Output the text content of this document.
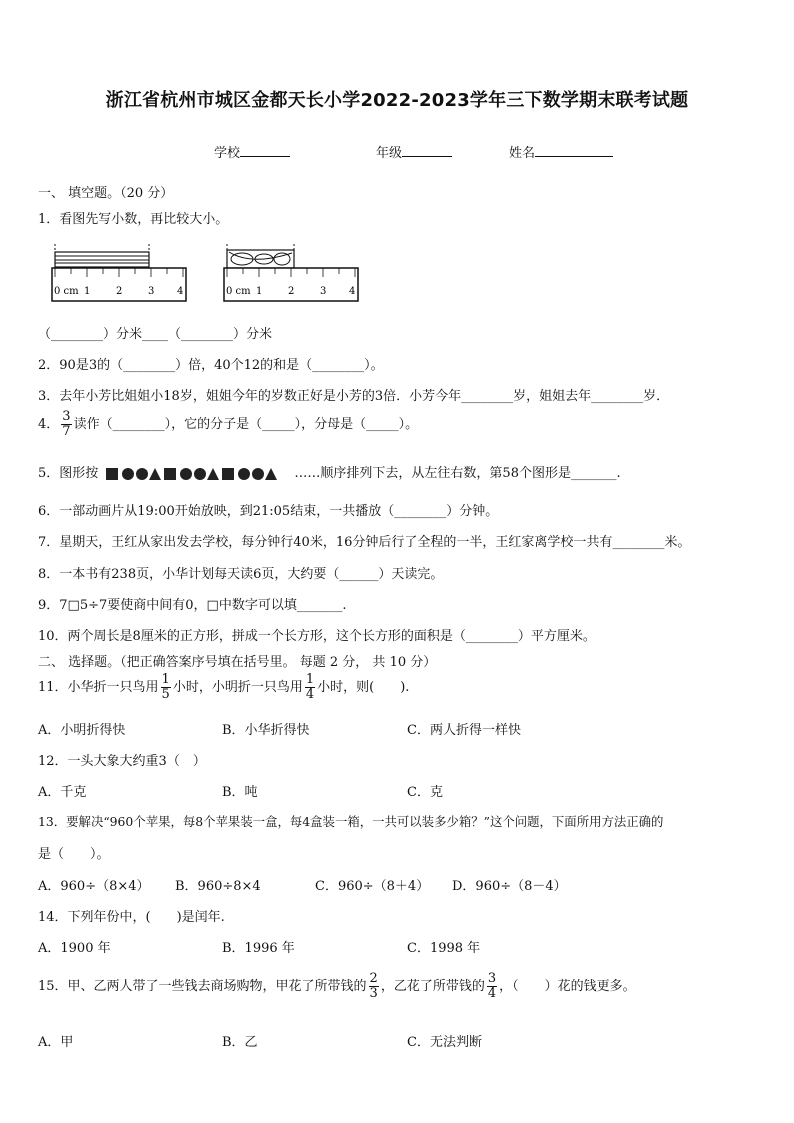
浙江省杭州市城区金都天长小学2022-2023学年三下数学期末联考试题
学校	年级	姓名
一、 填空题。（20 分）
1．看图先写小数，再比较大小。
0 cm 1	2	3 4	0 cm 1	2	3 4
（________）分米____（________）分米
2．90是3的（________）倍，40个12的和是（________）。
3．去年小芳比姐姐小18岁，姐姐今年的岁数正好是小芳的3倍．小芳今年________岁，姐姐去年________岁．
4． $\frac{3}{7}$ 读作（________），它的分子是（_____），分母是（_____）。
5．图形按	……顺序排列下去，从左往右数，第58个图形是_______.
6．一部动画片从19:00开始放映，到21:05结束，一共播放（________）分钟。
7．星期天，王红从家出发去学校，每分钟行40米，16分钟后行了全程的一半，王红家离学校一共有________米。
8．一本书有238页，小华计划每天读6页，大约要（______）天读完。
9．7□5÷7要使商中间有0，□中数字可以填_______.
10．两个周长是8厘米的正方形，拼成一个长方形，这个长方形的面积是（________）平方厘米。
二、 选择题。（把正确答案序号填在括号里。 每题 2 分， 共 10 分）
11．小华折一只鸟用 $\frac{1}{5}$ 小时，小明折一只鸟用 $\frac{1}{4}$ 小时，则(　　).
A．小明折得快	B．小华折得快	C．两人折得一样快
12．一头大象大约重3（　）
A．千克	B．吨	C．克
13．要解决“960个苹果，每8个苹果装一盒，每4盒装一箱，一共可以装多少箱？”这个问题，下面所用方法正确的
是（　　）。
A．960÷（8×4） B．960÷8×4	C．960÷（8＋4） D．960÷（8－4）
14．下列年份中，(　　)是闰年.
A．1900 年	B．1996 年	C．1998 年
15．甲、乙两人带了一些钱去商场购物，甲花了所带钱的 $\frac{2}{3}$ ，乙花了所带钱的 $\frac{3}{4}$ ，（　　）花的钱更多。
A．甲	B．乙	C．无法判断
